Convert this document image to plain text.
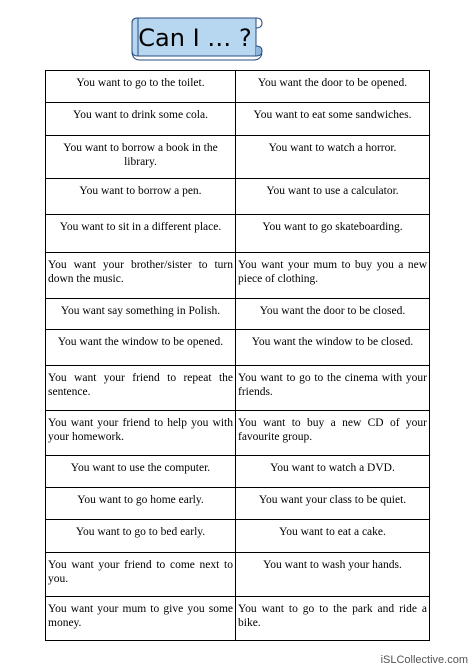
Can I … ?
You want to go to the toilet.	You want the door to be opened.
You want to drink some cola.	You want to eat some sandwiches.
You want to borrow a book in the library.	You want to watch a horror.
You want to borrow a pen.	You want to use a calculator.
You want to sit in a different place.	You want to go skateboarding.
You want your brother/sister to turn down the music.	You want your mum to buy you a new piece of clothing.
You want say something in Polish.	You want the door to be closed.
You want the window to be opened.	You want the window to be closed.
You want your friend to repeat the sentence.	You want to go to the cinema with your friends.
You want your friend to help you with your homework.	You want to buy a new CD of your favourite group.
You want to use the computer.	You want to watch a DVD.
You want to go home early.	You want your class to be quiet.
You want to go to bed early.	You want to eat a cake.
You want your friend to come next to you.	You want to wash your hands.
You want your mum to give you some money.	You want to go to the park and ride a bike.
iSLCollective.com
